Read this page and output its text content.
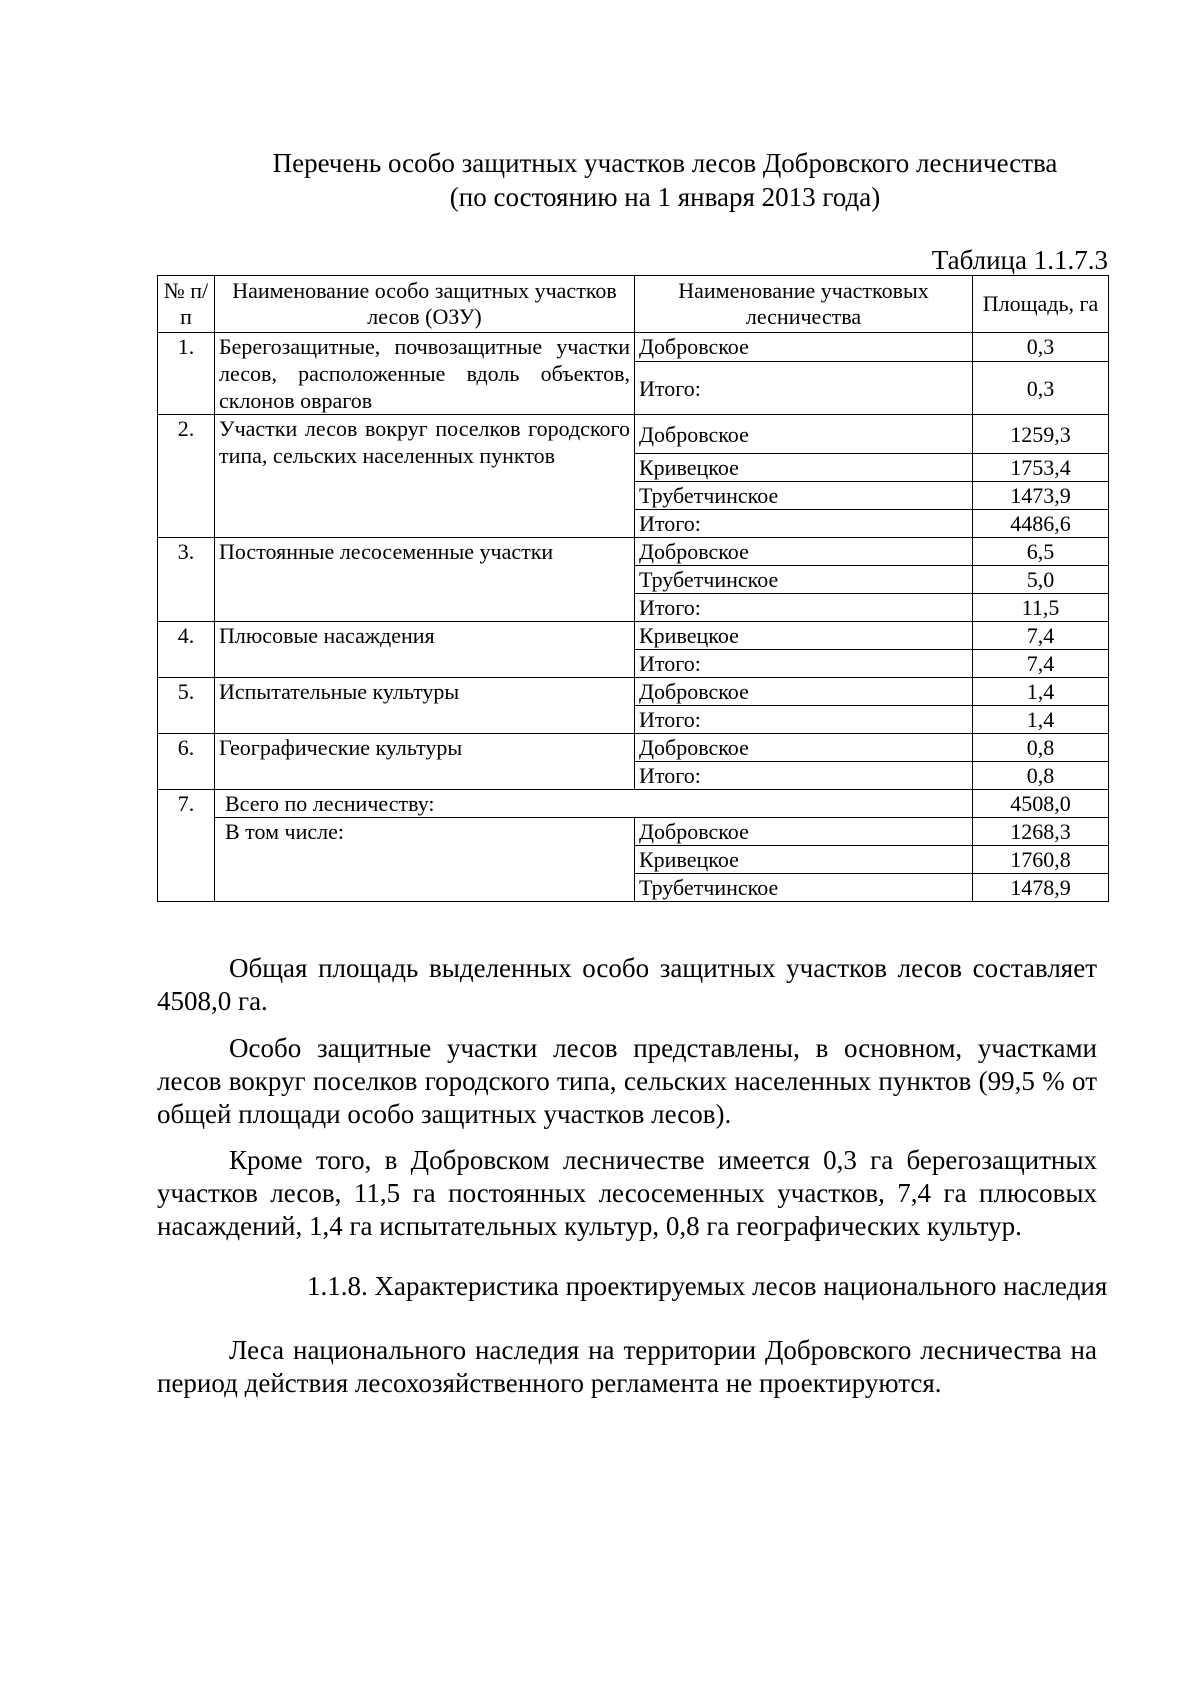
Перечень особо защитных участков лесов Добровского лесничества
(по состоянию на 1 января 2013 года)
Таблица 1.1.7.3
№ п/п	Наименование особо защитных участков лесов (ОЗУ)	Наименование участковых лесничества	Площадь, га
1.	Берегозащитные, почвозащитные участки лесов, расположенные вдоль объектов, склонов оврагов	Добровское	0,3
		Итого:	0,3
2.	Участки лесов вокруг поселков городского типа, сельских населенных пунктов	Добровское	1259,3
		Кривецкое	1753,4
		Трубетчинское	1473,9
		Итого:	4486,6
3.	Постоянные лесосеменные участки	Добровское	6,5
		Трубетчинское	5,0
		Итого:	11,5
4.	Плюсовые насаждения	Кривецкое	7,4
		Итого:	7,4
5.	Испытательные культуры	Добровское	1,4
		Итого:	1,4
6.	Географические культуры	Добровское	0,8
		Итого:	0,8
7.	Всего по лесничеству:		4508,0
	В том числе:	Добровское	1268,3
		Кривецкое	1760,8
		Трубетчинское	1478,9
Общая площадь выделенных особо защитных участков лесов составляет 4508,0 га.
Особо защитные участки лесов представлены, в основном, участками лесов вокруг поселков городского типа, сельских населенных пунктов (99,5 % от общей площади особо защитных участков лесов).
Кроме того, в Добровском лесничестве имеется 0,3 га берегозащитных участков лесов, 11,5 га постоянных лесосеменных участков, 7,4 га плюсовых насаждений, 1,4 га испытательных культур, 0,8 га географических культур.
1.1.8. Характеристика проектируемых лесов национального наследия
Леса национального наследия на территории Добровского лесничества на период действия лесохозяйственного регламента не проектируются.
